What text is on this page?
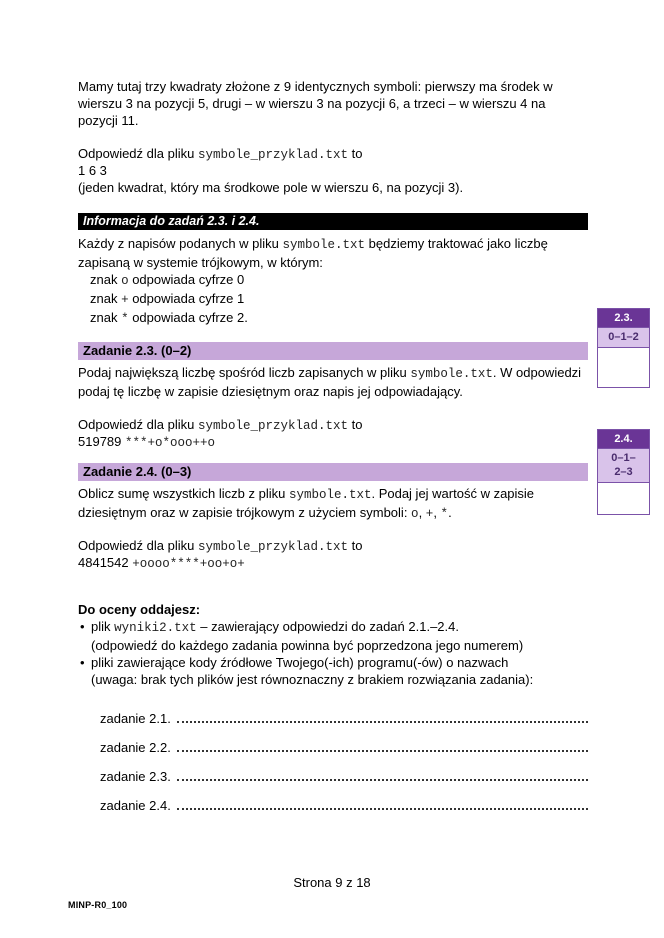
Mamy tutaj trzy kwadraty złożone z 9 identycznych symboli: pierwszy ma środek w wierszu 3 na pozycji 5, drugi – w wierszu 3 na pozycji 6, a trzeci – w wierszu 4 na pozycji 11.

Odpowiedź dla pliku symbole_przyklad.txt to
1 6 3
(jeden kwadrat, który ma środkowe pole w wierszu 6, na pozycji 3).
Informacja do zadań 2.3. i 2.4.

Każdy z napisów podanych w pliku symbole.txt będziemy traktować jako liczbę zapisaną w systemie trójkowym, w którym:

znak o odpowiada cyfrze 0
znak + odpowiada cyfrze 1
znak * odpowiada cyfrze 2.
Zadanie 2.3. (0–2)

Podaj największą liczbę spośród liczb zapisanych w pliku symbole.txt. W odpowiedzi podaj tę liczbę w zapisie dziesiętnym oraz napis jej odpowiadający.

Odpowiedź dla pliku symbole_przyklad.txt to
519789 ***+o*ooo++o
Zadanie 2.4. (0–3)

Oblicz sumę wszystkich liczb z pliku symbole.txt. Podaj jej wartość w zapisie dziesiętnym oraz w zapisie trójkowym z użyciem symboli: o, +, *.

Odpowiedź dla pliku symbole_przyklad.txt to
4841542 +oooo****+oo+o+
Do oceny oddajesz:
• plik wyniki2.txt – zawierający odpowiedzi do zadań 2.1.–2.4.
(odpowiedź do każdego zadania powinna być poprzedzona jego numerem)
• pliki zawierające kody źródłowe Twojego(-ich) programu(-ów) o nazwach
(uwaga: brak tych plików jest równoznaczny z brakiem rozwiązania zadania):
zadanie 2.1.
zadanie 2.2.
zadanie 2.3.
zadanie 2.4.
2.3.
0–1–2
2.4.
0–1–
2–3
Strona 9 z 18
MINP-R0_100
